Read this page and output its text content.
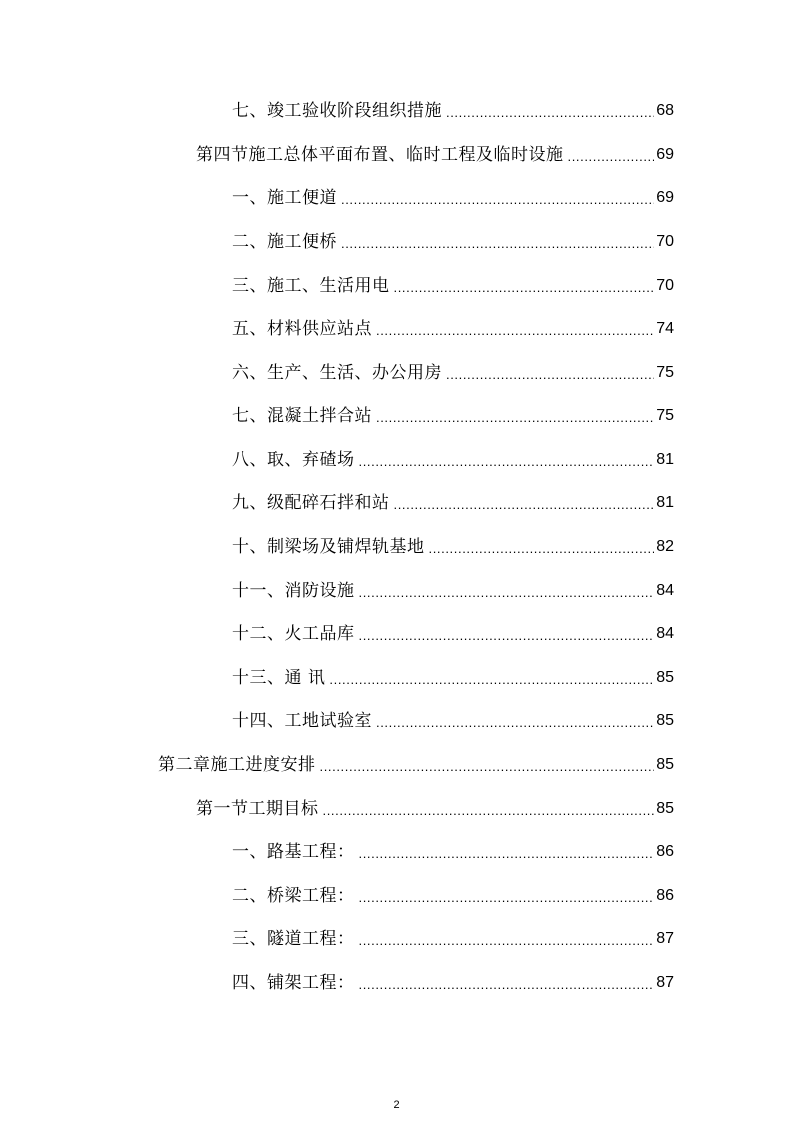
七、竣工验收阶段组织措施 .....	68
第四节施工总体平面布置、临时工程及临时设施 .....	69
一、施工便道 .....	69
二、施工便桥 .....	70
三、施工、生活用电 .....	70
五、材料供应站点 .....	74
六、生产、生活、办公用房 .....	75
七、混凝土拌合站 .....	75
八、取、弃碴场 .....	81
九、级配碎石拌和站 .....	81
十、制梁场及铺焊轨基地 .....	82
十一、消防设施 .....	84
十二、火工品库 .....	84
十三、通 讯 .....	85
十四、工地试验室 .....	85
第二章施工进度安排 .....	85
第一节工期目标 .....	85
一、路基工程： .....	86
二、桥梁工程： .....	86
三、隧道工程： .....	87
四、铺架工程： .....	87
2
